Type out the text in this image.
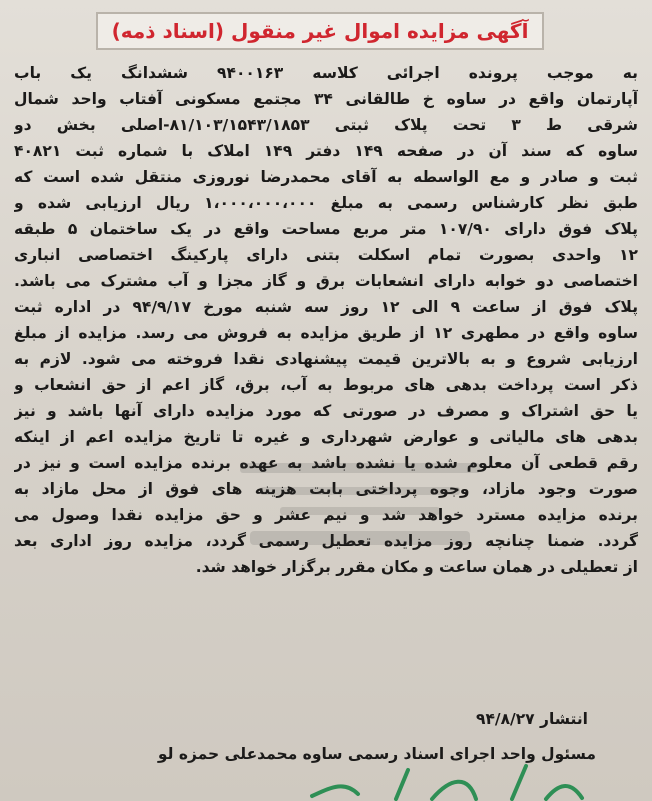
آگهی مزایده اموال غیر منقول (اسناد ذمه)
به موجب پرونده اجرائی کلاسه ۹۴۰۰۱۶۳ ششدانگ یک باب
آپارتمان واقع در ساوه خ طالقانی ۳۴ مجتمع مسکونی آفتاب واحد شمال
شرقی ط ۳ تحت پلاک ثبتی ۸۱/۱۰۳/۱۵۴۳/۱۸۵۳-اصلی بخش دو
ساوه که سند آن در صفحه ۱۴۹ دفتر ۱۴۹ املاک با شماره ثبت ۴۰۸۲۱
ثبت و صادر و مع الواسطه به آقای محمدرضا نوروزی منتقل شده است که
طبق نظر کارشناس رسمی به مبلغ ۱،۰۰۰،۰۰۰،۰۰۰ ریال ارزیابی شده و
پلاک فوق دارای ۱۰۷/۹۰ متر مربع مساحت واقع در یک ساختمان ۵ طبقه
۱۲ واحدی بصورت تمام اسکلت بتنی دارای پارکینگ اختصاصی انباری
اختصاصی دو خوابه دارای انشعابات برق و گاز مجزا و آب مشترک می باشد.
پلاک فوق از ساعت ۹ الی ۱۲ روز سه شنبه مورخ ۹۴/۹/۱۷ در اداره ثبت
ساوه واقع در مطهری ۱۲ از طریق مزایده به فروش می رسد. مزایده از مبلغ
ارزیابی شروع و به بالاترین قیمت پیشنهادی نقدا فروخته می شود. لازم به
ذکر است پرداخت بدهی های مربوط به آب، برق، گاز اعم از حق انشعاب و
یا حق اشتراک و مصرف در صورتی که مورد مزایده دارای آنها باشد و نیز
بدهی های مالیاتی و عوارض شهرداری و غیره تا تاریخ مزایده اعم از اینکه
رقم قطعی آن معلوم شده یا نشده باشد به عهده برنده مزایده است و نیز در
صورت وجود مازاد، وجوه پرداختی بابت هزینه های فوق از محل مازاد به
برنده مزایده مسترد خواهد شد و نیم عشر و حق مزایده نقدا وصول می
گردد. ضمنا چنانچه روز مزایده تعطیل رسمی گردد، مزایده روز اداری بعد
از تعطیلی در همان ساعت و مکان مقرر برگزار خواهد شد.
انتشار ۹۴/۸/۲۷
مسئول واحد اجرای اسناد رسمی ساوه محمدعلی حمزه لو
